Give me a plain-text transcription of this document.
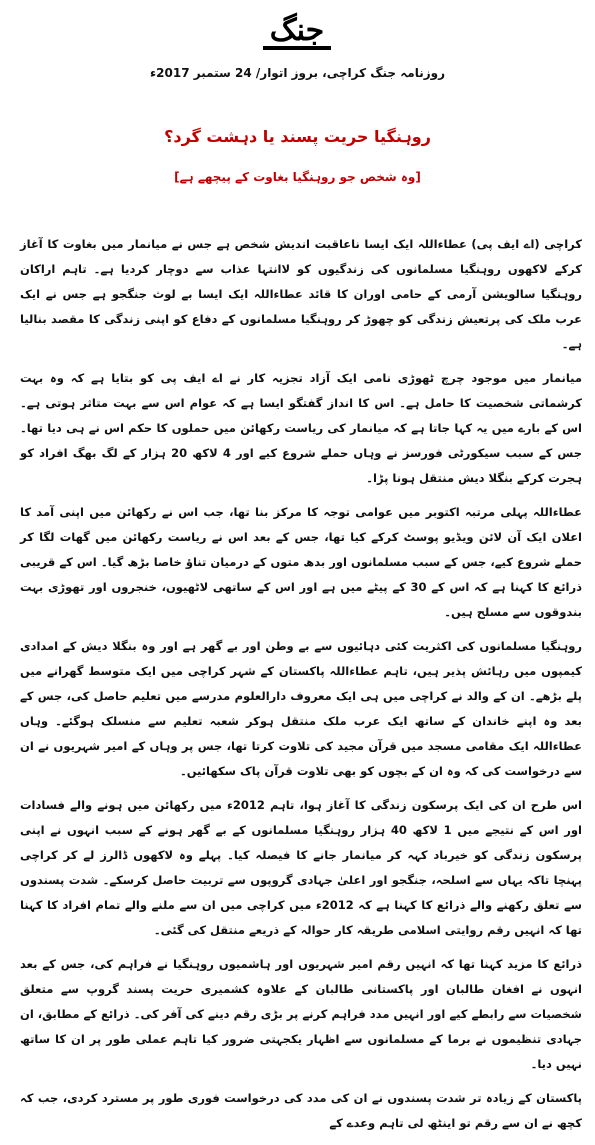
جنگ
روزنامہ جنگ کراچی، بروز اتوار/ 24 ستمبر 2017ء
روہنگیا حریت پسند یا دہشت گرد؟
[وہ شخص جو روہنگیا بغاوت کے پیچھے ہے]

کراچی (اے ایف پی) عطاءاللہ ایک ایسا ناعاقبت اندیش شخص ہے جس نے میانمار میں بغاوت کا آغاز کرکے لاکھوں روہنگیا مسلمانوں کی زندگیوں کو لاانتہا عذاب سے دوچار کردیا ہے۔ تاہم اراکان روہنگیا سالویشن آرمی کے حامی اوران کا قائد عطاءاللہ ایک ایسا بے لوث جنگجو ہے جس نے ایک عرب ملک کی پرتعیش زندگی کو چھوڑ کر روہنگیا مسلمانوں کے دفاع کو اپنی زندگی کا مقصد بنالیا ہے۔

میانمار میں موجود چرچ ٹھوڑی نامی ایک آزاد تجزیہ کار نے اے ایف پی کو بتایا ہے کہ وہ بہت کرشماتی شخصیت کا حامل ہے۔ اس کا انداز گفتگو ایسا ہے کہ عوام اس سے بہت متاثر ہوتی ہے۔ اس کے بارے میں یہ کہا جاتا ہے کہ میانمار کی ریاست رکھائن میں حملوں کا حکم اس نے ہی دیا تھا۔ جس کے سبب سیکورٹی فورسز نے وہاں حملے شروع کیے اور 4 لاکھ 20 ہزار کے لگ بھگ افراد کو ہجرت کرکے بنگلا دیش منتقل ہونا پڑا۔

عطاءاللہ پہلی مرتبہ اکتوبر میں عوامی توجہ کا مرکز بنا تھا، جب اس نے رکھائن میں اپنی آمد کا اعلان ایک آن لائن ویڈیو پوسٹ کرکے کیا تھا، جس کے بعد اس نے ریاست رکھائن میں گھات لگا کر حملے شروع کیے، جس کے سبب مسلمانوں اور بدھ متوں کے درمیان تناؤ خاصا بڑھ گیا۔ اس کے قریبی ذرائع کا کہنا ہے کہ اس کے 30 کے پیٹے میں ہے اور اس کے ساتھی لاٹھیوں، خنجروں اور تھوڑی بہت بندوقوں سے مسلح ہیں۔

روہنگیا مسلمانوں کی اکثریت کئی دہائیوں سے بے وطن اور بے گھر ہے اور وہ بنگلا دیش کے امدادی کیمپوں میں رہائش پذیر ہیں، تاہم عطاءاللہ پاکستان کے شہر کراچی میں ایک متوسط گھرانے میں پلے بڑھے۔ ان کے والد نے کراچی میں ہی ایک معروف دارالعلوم مدرسے میں تعلیم حاصل کی، جس کے بعد وہ اپنے خاندان کے ساتھ ایک عرب ملک منتقل ہوکر شعبہ تعلیم سے منسلک ہوگئے۔ وہاں عطاءاللہ ایک مقامی مسجد میں قرآن مجید کی تلاوت کرتا تھا، جس پر وہاں کے امیر شہریوں نے ان سے درخواست کی کہ وہ ان کے بچوں کو بھی تلاوت قرآن پاک سکھائیں۔

اس طرح ان کی ایک پرسکون زندگی کا آغاز ہوا، تاہم 2012ء میں رکھائن میں ہونے والے فسادات اور اس کے نتیجے میں 1 لاکھ 40 ہزار روہنگیا مسلمانوں کے بے گھر ہونے کے سبب انہوں نے اپنی پرسکون زندگی کو خیرباد کہہ کر میانمار جانے کا فیصلہ کیا۔ پہلے وہ لاکھوں ڈالرز لے کر کراچی پہنچا تاکہ یہاں سے اسلحہ، جنگجو اور اعلیٰ جہادی گروپوں سے تربیت حاصل کرسکے۔ شدت پسندوں سے تعلق رکھنے والے ذرائع کا کہنا ہے کہ 2012ء میں کراچی میں ان سے ملنے والے تمام افراد کا کہنا تھا کہ انہیں رقم روایتی اسلامی طریقہ کار حوالہ کے ذریعے منتقل کی گئی۔

ذرائع کا مزید کہنا تھا کہ انہیں رقم امیر شہریوں اور ہاشمیوں روہنگیا نے فراہم کی، جس کے بعد انہوں نے افغان طالبان اور پاکستانی طالبان کے علاوہ کشمیری حریت پسند گروپ سے متعلق شخصیات سے رابطے کیے اور انہیں مدد فراہم کرنے پر بڑی رقم دینے کی آفر کی۔ ذرائع کے مطابق، ان جہادی تنظیموں نے برما کے مسلمانوں سے اظہار یکجہتی ضرور کیا تاہم عملی طور پر ان کا ساتھ نہیں دیا۔

پاکستان کے زیادہ تر شدت پسندوں نے ان کی مدد کی درخواست فوری طور پر مسترد کردی، جب کہ کچھ نے ان سے رقم تو اینٹھ لی تاہم وعدے کے
